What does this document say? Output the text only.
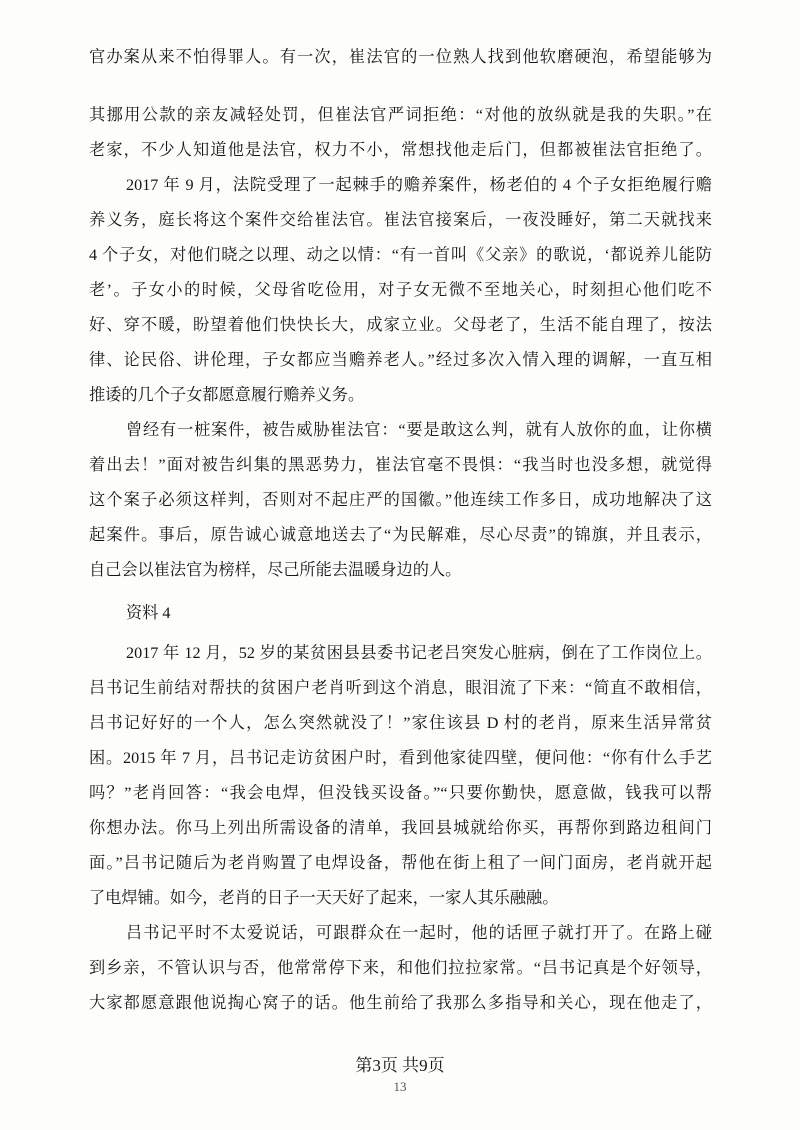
官办案从来不怕得罪人。有一次，崔法官的一位熟人找到他软磨硬泡，希望能够为
其挪用公款的亲友减轻处罚，但崔法官严词拒绝：“对他的放纵就是我的失职。”在
老家，不少人知道他是法官，权力不小，常想找他走后门，但都被崔法官拒绝了。
2017 年 9 月，法院受理了一起棘手的赡养案件，杨老伯的 4 个子女拒绝履行赡
养义务，庭长将这个案件交给崔法官。崔法官接案后，一夜没睡好，第二天就找来
4 个子女，对他们晓之以理、动之以情：“有一首叫《父亲》的歌说，‘都说养儿能防
老’。子女小的时候，父母省吃俭用，对子女无微不至地关心，时刻担心他们吃不
好、穿不暖，盼望着他们快快长大，成家立业。父母老了，生活不能自理了，按法
律、论民俗、讲伦理，子女都应当赡养老人。”经过多次入情入理的调解，一直互相
推诿的几个子女都愿意履行赡养义务。
曾经有一桩案件，被告威胁崔法官：“要是敢这么判，就有人放你的血，让你横
着出去！”面对被告纠集的黑恶势力，崔法官毫不畏惧：“我当时也没多想，就觉得
这个案子必须这样判，否则对不起庄严的国徽。”他连续工作多日，成功地解决了这
起案件。事后，原告诚心诚意地送去了“为民解难，尽心尽责”的锦旗，并且表示，
自己会以崔法官为榜样，尽己所能去温暖身边的人。
资料 4
2017 年 12 月，52 岁的某贫困县县委书记老吕突发心脏病，倒在了工作岗位上。
吕书记生前结对帮扶的贫困户老肖听到这个消息，眼泪流了下来：“简直不敢相信，
吕书记好好的一个人，怎么突然就没了！”家住该县 D 村的老肖，原来生活异常贫
困。2015 年 7 月，吕书记走访贫困户时，看到他家徒四壁，便问他：“你有什么手艺
吗？”老肖回答：“我会电焊，但没钱买设备。”“只要你勤快，愿意做，钱我可以帮
你想办法。你马上列出所需设备的清单，我回县城就给你买，再帮你到路边租间门
面。”吕书记随后为老肖购置了电焊设备，帮他在街上租了一间门面房，老肖就开起
了电焊铺。如今，老肖的日子一天天好了起来，一家人其乐融融。
吕书记平时不太爱说话，可跟群众在一起时，他的话匣子就打开了。在路上碰
到乡亲，不管认识与否，他常常停下来，和他们拉拉家常。“吕书记真是个好领导，
大家都愿意跟他说掏心窝子的话。他生前给了我那么多指导和关心，现在他走了，
第3页 共9页
13
